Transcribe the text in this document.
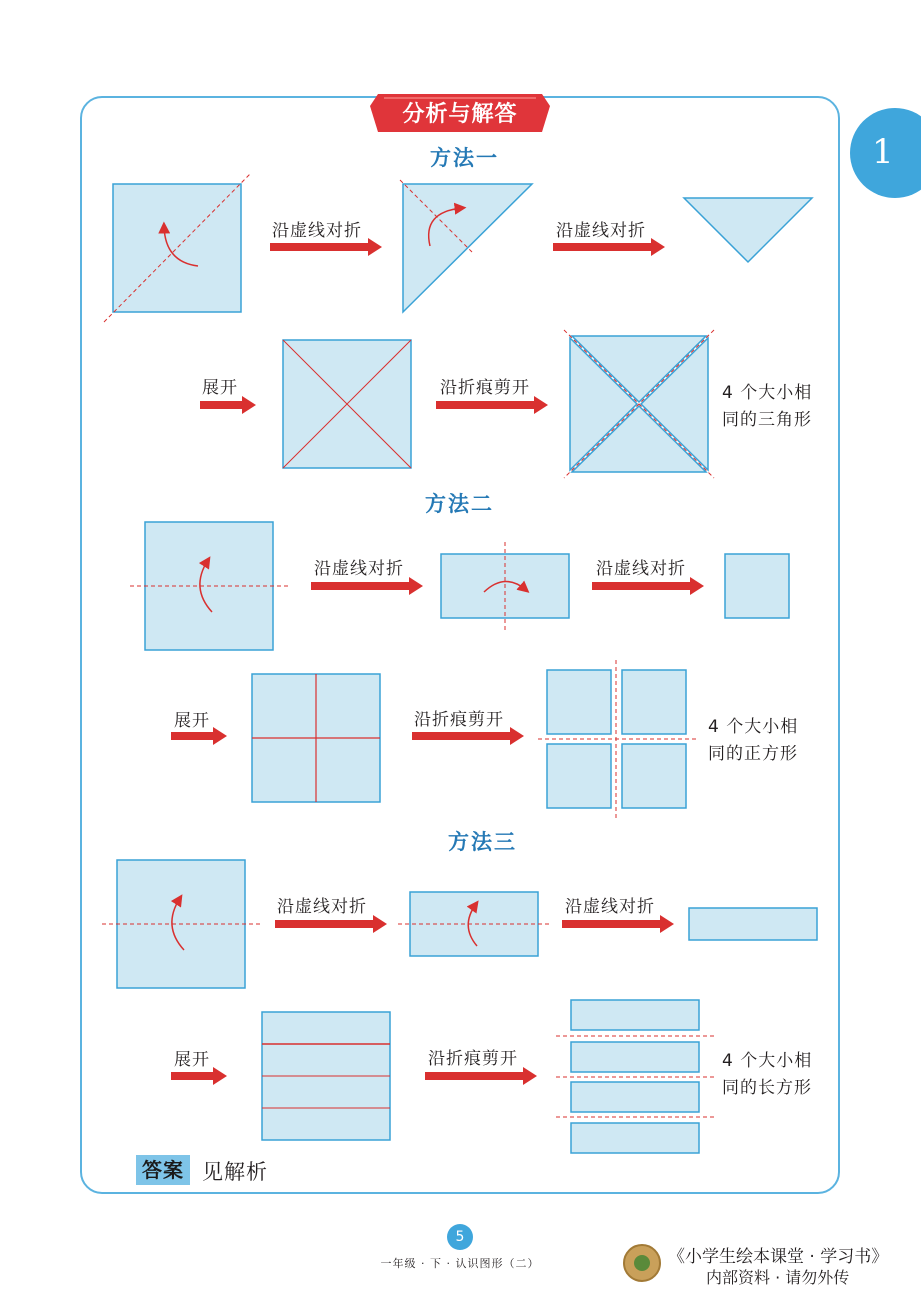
分析与解答
1
方法一
方法二
方法三
沿虚线对折	沿虚线对折
展开	沿折痕剪开	4 个大小相
同的三角形
沿虚线对折	沿虚线对折
展开	沿折痕剪开	4 个大小相
同的正方形
沿虚线对折	沿虚线对折
展开	沿折痕剪开	4 个大小相
同的长方形
答案 见解析
5
一年级 · 下 · 认识图形（二）	《小学生绘本课堂 · 学习书》
内部资料 · 请勿外传
